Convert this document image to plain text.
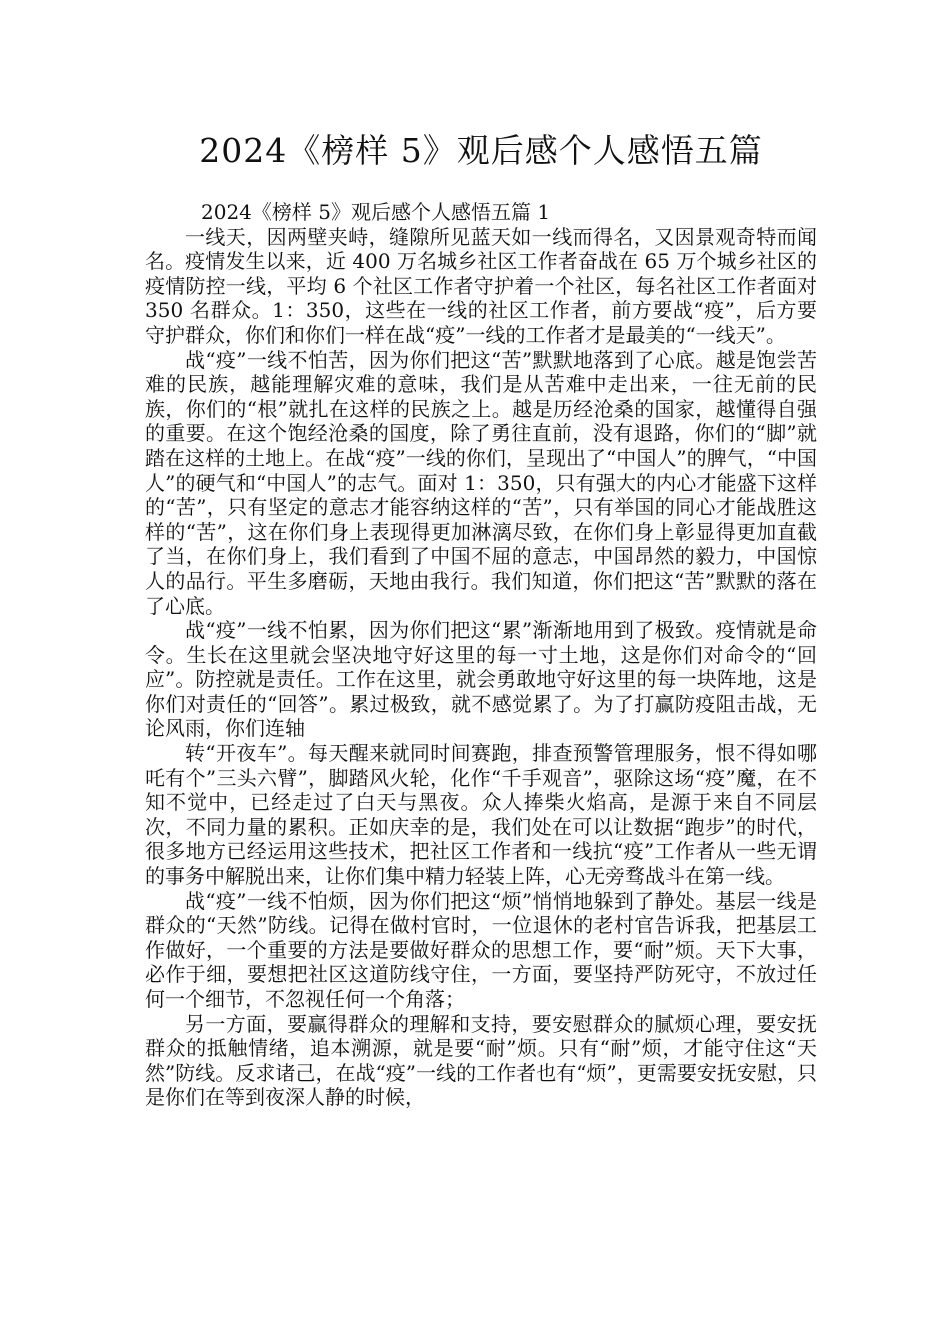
2024《榜样 5》观后感个人感悟五篇

2024《榜样 5》观后感个人感悟五篇 1

一线天，因两壁夹峙，缝隙所见蓝天如一线而得名，又因景观奇特而闻名。疫情发生以来，近 400 万名城乡社区工作者奋战在 65 万个城乡社区的疫情防控一线，平均 6 个社区工作者守护着一个社区，每名社区工作者面对 350 名群众。1：350，这些在一线的社区工作者，前方要战“疫”，后方要守护群众，你们和你们一样在战“疫”一线的工作者才是最美的“一线天”。

战“疫”一线不怕苦，因为你们把这“苦”默默地落到了心底。越是饱尝苦难的民族，越能理解灾难的意味，我们是从苦难中走出来，一往无前的民族，你们的“根”就扎在这样的民族之上。越是历经沧桑的国家，越懂得自强的重要。在这个饱经沧桑的国度，除了勇往直前，没有退路，你们的“脚”就踏在这样的土地上。在战“疫”一线的你们，呈现出了“中国人”的脾气，“中国人”的硬气和“中国人”的志气。面对 1：350，只有强大的内心才能盛下这样的“苦”，只有坚定的意志才能容纳这样的“苦”，只有举国的同心才能战胜这样的“苦”，这在你们身上表现得更加淋漓尽致，在你们身上彰显得更加直截了当，在你们身上，我们看到了中国不屈的意志，中国昂然的毅力，中国惊人的品行。平生多磨砺，天地由我行。我们知道，你们把这“苦”默默的落在了心底。

战“疫”一线不怕累，因为你们把这“累”渐渐地用到了极致。疫情就是命令。生长在这里就会坚决地守好这里的每一寸土地，这是你们对命令的“回应”。防控就是责任。工作在这里，就会勇敢地守好这里的每一块阵地，这是你们对责任的“回答”。累过极致，就不感觉累了。为了打赢防疫阻击战，无论风雨，你们连轴

转“开夜车”。每天醒来就同时间赛跑，排查预警管理服务，恨不得如哪吒有个”三头六臂”，脚踏风火轮，化作“千手观音”，驱除这场“疫”魔，在不知不觉中，已经走过了白天与黑夜。众人捧柴火焰高，是源于来自不同层次，不同力量的累积。正如庆幸的是，我们处在可以让数据“跑步”的时代，很多地方已经运用这些技术，把社区工作者和一线抗“疫”工作者从一些无谓的事务中解脱出来，让你们集中精力轻装上阵，心无旁骛战斗在第一线。

战“疫”一线不怕烦，因为你们把这“烦”悄悄地躲到了静处。基层一线是群众的“天然”防线。记得在做村官时，一位退休的老村官告诉我，把基层工作做好，一个重要的方法是要做好群众的思想工作，要“耐”烦。天下大事，必作于细，要想把社区这道防线守住，一方面，要坚持严防死守，不放过任何一个细节，不忽视任何一个角落；

另一方面，要赢得群众的理解和支持，要安慰群众的腻烦心理，要安抚群众的抵触情绪，追本溯源，就是要“耐”烦。只有“耐”烦，才能守住这“天然”防线。反求诸己，在战“疫”一线的工作者也有“烦”，更需要安抚安慰，只是你们在等到夜深人静的时候，
